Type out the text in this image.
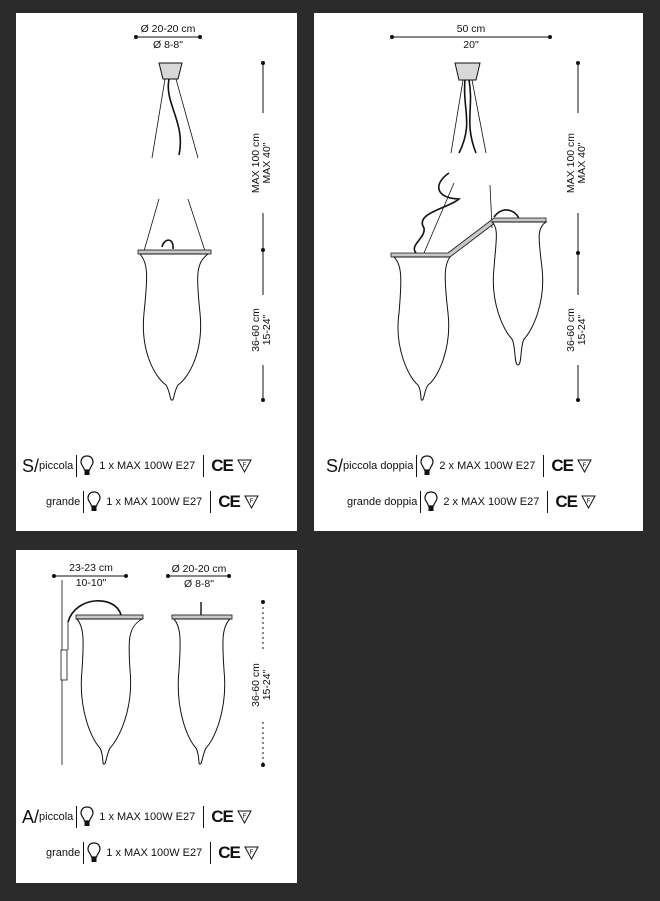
Ø 20-20 cm
Ø 8-8"
MAX 100 cm MAX 40"
36-60 cm 15-24"
S/ piccola 1 x MAX 100W E27 CE F
grande 1 x MAX 100W E27 CE F
50 cm
20"
MAX 100 cm MAX 40"
36-60 cm 15-24"
S/ piccola doppia 2 x MAX 100W E27 CE F
grande doppia 2 x MAX 100W E27 CE F
23-23 cm
10-10"
Ø 20-20 cm
Ø 8-8"
36-60 cm 15-24"
A/ piccola 1 x MAX 100W E27 CE F
grande 1 x MAX 100W E27 CE F
